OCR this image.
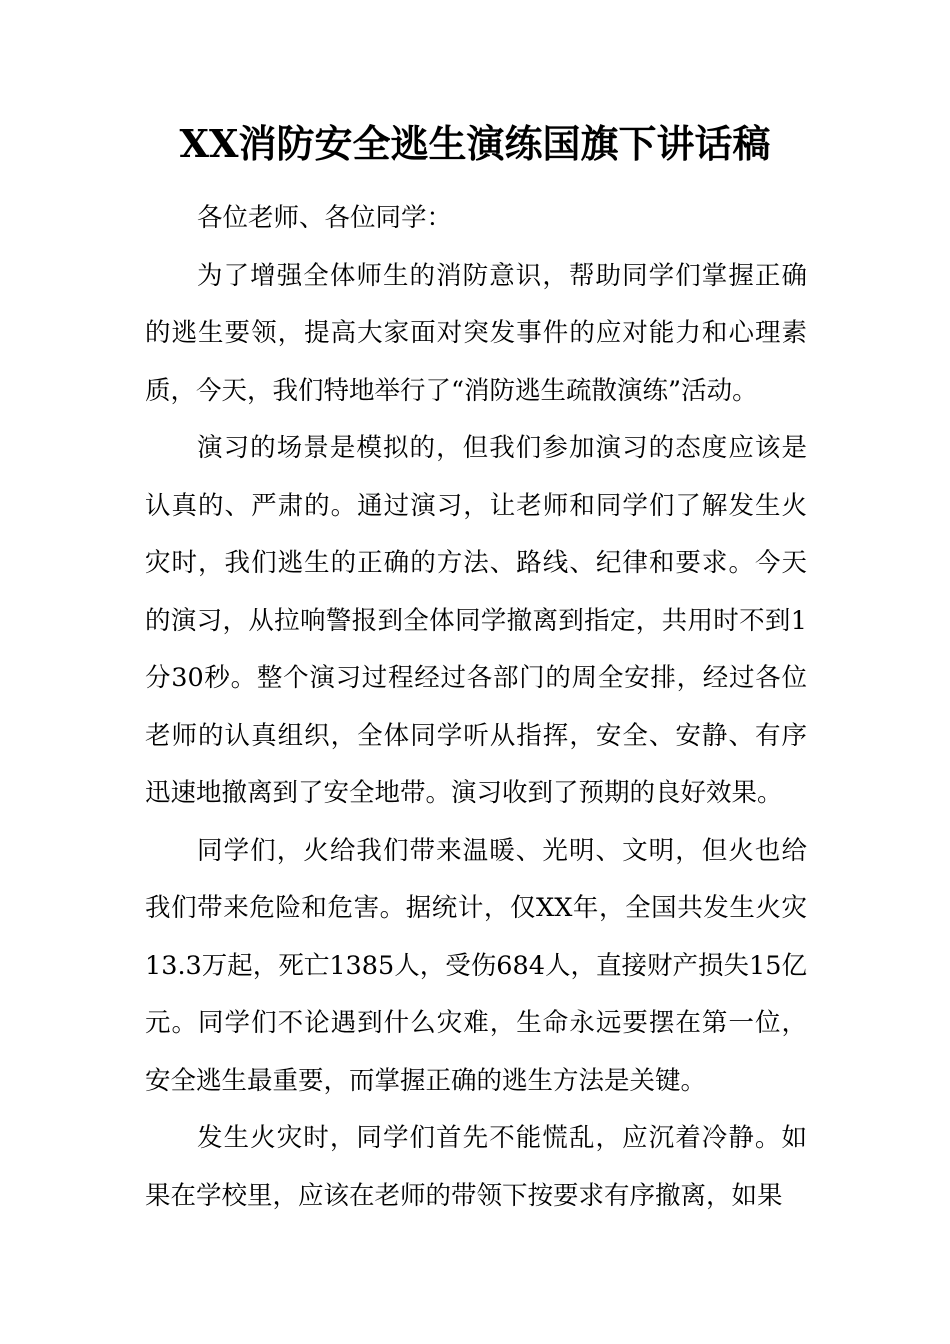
XX消防安全逃生演练国旗下讲话稿

各位老师、各位同学：

为了增强全体师生的消防意识，帮助同学们掌握正确的逃生要领，提高大家面对突发事件的应对能力和心理素质，今天，我们特地举行了“消防逃生疏散演练”活动。

演习的场景是模拟的，但我们参加演习的态度应该是认真的、严肃的。通过演习，让老师和同学们了解发生火灾时，我们逃生的正确的方法、路线、纪律和要求。今天的演习，从拉响警报到全体同学撤离到指定，共用时不到1分30秒。整个演习过程经过各部门的周全安排，经过各位老师的认真组织，全体同学听从指挥，安全、安静、有序迅速地撤离到了安全地带。演习收到了预期的良好效果。

同学们，火给我们带来温暖、光明、文明，但火也给我们带来危险和危害。据统计，仅XX年，全国共发生火灾13.3万起，死亡1385人，受伤684人，直接财产损失15亿元。同学们不论遇到什么灾难，生命永远要摆在第一位，安全逃生最重要，而掌握正确的逃生方法是关键。

发生火灾时，同学们首先不能慌乱，应沉着冷静。如果在学校里，应该在老师的带领下按要求有序撤离，如果
